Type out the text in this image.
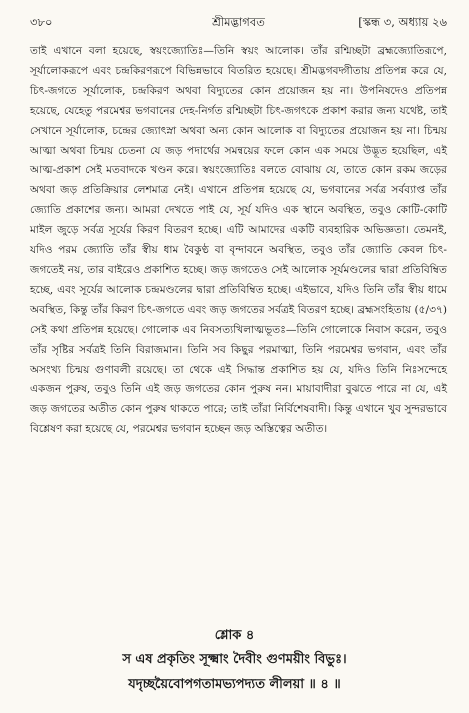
৩৮০	শ্রীমদ্ভাগবত	[স্কন্ধ ৩, অধ্যায় ২৬

তাই এখানে বলা হয়েছে, স্বয়ংজ্যোতিঃ—তিনি স্বয়ং আলোক। তাঁর রশ্মিচ্ছটা ব্রহ্মজ্যোতিরূপে, সূর্যালোকরূপে এবং চন্দ্রকিরণরূপে বিভিন্নভাবে বিতরিত হয়েছে। শ্রীমদ্ভগবদ্গীতায় প্রতিপন্ন করে যে, চিৎ-জগতে সূর্যালোক, চন্দ্রকিরণ অথবা বিদ্যুতের কোন প্রয়োজন হয় না। উপনিষদেও প্রতিপন্ন হয়েছে, যেহেতু পরমেশ্বর ভগবানের দেহ-নির্গত রশ্মিচ্ছটা চিৎ-জগৎকে প্রকাশ করার জন্য যথেষ্ট, তাই সেখানে সূর্যালোক, চন্দ্রের জ্যোৎস্না অথবা অন্য কোন আলোক বা বিদ্যুতের প্রয়োজন হয় না। চিন্ময় আত্মা অথবা চিন্ময় চেতনা যে জড় পদার্থের সমন্বয়ের ফলে কোন এক সময়ে উদ্ভূত হয়েছিল, এই আত্ম-প্রকাশ সেই মতবাদকে খণ্ডন করে। স্বয়ংজ্যোতিঃ বলতে বোঝায় যে, তাতে কোন রকম জড়ের অথবা জড় প্রতিক্রিয়ার লেশমাত্র নেই। এখানে প্রতিপন্ন হয়েছে যে, ভগবানের সর্বত্র সর্বব্যাপ্ত তাঁর জ্যোতি প্রকাশের জন্য। আমরা দেখতে পাই যে, সূর্য যদিও এক স্থানে অবস্থিত, তবুও কোটি-কোটি মাইল জুড়ে সর্বত্র সূর্যের কিরণ বিতরণ হচ্ছে। এটি আমাদের একটি ব্যবহারিক অভিজ্ঞতা। তেমনই, যদিও পরম জ্যোতি তাঁর স্বীয় ধাম বৈকুণ্ঠ বা বৃন্দাবনে অবস্থিত, তবুও তাঁর জ্যোতি কেবল চিৎ-জগতেই নয়, তার বাইরেও প্রকাশিত হচ্ছে। জড় জগতেও সেই আলোক সূর্যমণ্ডলের দ্বারা প্রতিবিম্বিত হচ্ছে, এবং সূর্যের আলোক চন্দ্রমণ্ডলের দ্বারা প্রতিবিম্বিত হচ্ছে। এইভাবে, যদিও তিনি তাঁর স্বীয় ধামে অবস্থিত, কিন্তু তাঁর কিরণ চিৎ-জগতে এবং জড় জগতের সর্বত্রই বিতরণ হচ্ছে। ব্রহ্মসংহিতায় (৫/৩৭) সেই কথা প্রতিপন্ন হয়েছে। গোলোক এব নিবসত্যখিলাত্মভূতঃ—তিনি গোলোকে নিবাস করেন, তবুও তাঁর সৃষ্টির সর্বত্রই তিনি বিরাজমান। তিনি সব কিছুর পরমাত্মা, তিনি পরমেশ্বর ভগবান, এবং তাঁর অসংখ্য চিন্ময় গুণাবলী রয়েছে। তা থেকে এই সিদ্ধান্ত প্রকাশিত হয় যে, যদিও তিনি নিঃসন্দেহে একজন পুরুষ, তবুও তিনি এই জড় জগতের কোন পুরুষ নন। মায়াবাদীরা বুঝতে পারে না যে, এই জড় জগতের অতীত কোন পুরুষ থাকতে পারে; তাই তাঁরা নির্বিশেষবাদী। কিন্তু এখানে খুব সুন্দরভাবে বিশ্লেষণ করা হয়েছে যে, পরমেশ্বর ভগবান হচ্ছেন জড় অস্তিত্বের অতীত।

শ্লোক ৪
স এষ প্রকৃতিং সূক্ষ্মাং দৈবীং গুণময়ীং বিভুঃ।
যদৃচ্ছয়ৈবোপগতামভ্যপদ্যত লীলয়া ॥ ৪ ॥
